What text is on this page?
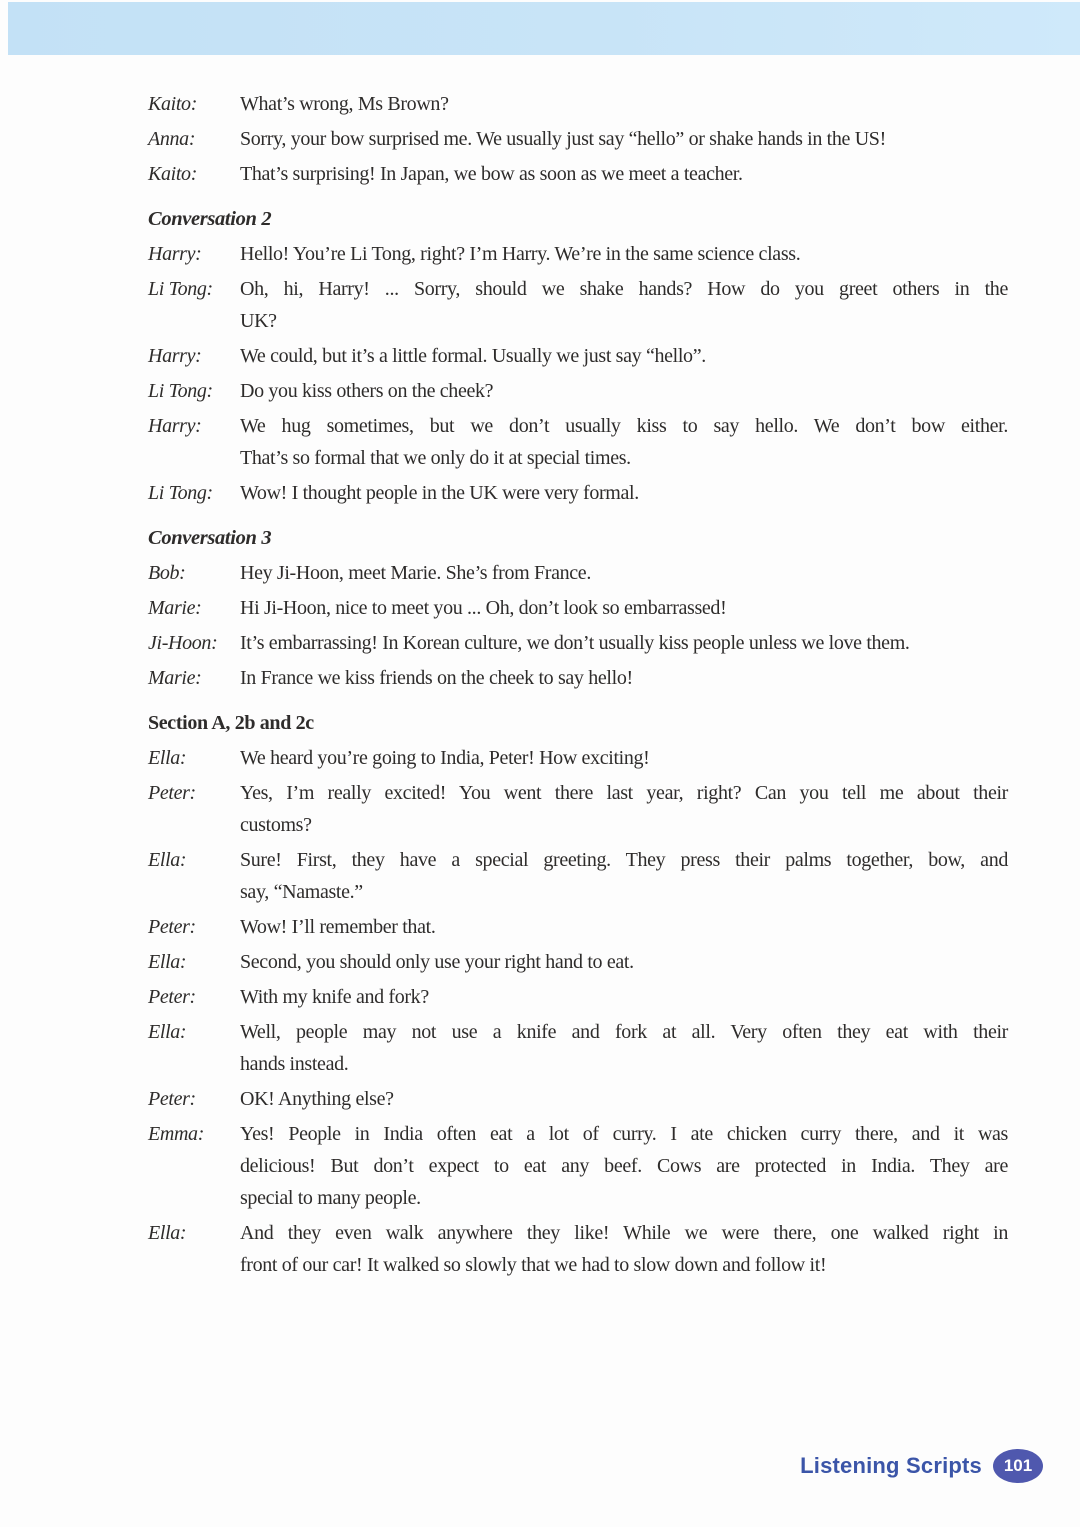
Kaito:	What’s wrong, Ms Brown?
Anna:	Sorry, your bow surprised me. We usually just say “hello” or shake hands in the US!
Kaito:	That’s surprising! In Japan, we bow as soon as we meet a teacher.
Conversation 2
Harry:	Hello! You’re Li Tong, right? I’m Harry. We’re in the same science class.
Li Tong:	Oh, hi, Harry! ... Sorry, should we shake hands? How do you greet others in the
UK?
Harry:	We could, but it’s a little formal. Usually we just say “hello”.
Li Tong:	Do you kiss others on the cheek?
Harry:	We hug sometimes, but we don’t usually kiss to say hello. We don’t bow either.
That’s so formal that we only do it at special times.
Li Tong:	Wow! I thought people in the UK were very formal.
Conversation 3
Bob:	Hey Ji-Hoon, meet Marie. She’s from France.
Marie:	Hi Ji-Hoon, nice to meet you ... Oh, don’t look so embarrassed!
Ji-Hoon:	It’s embarrassing! In Korean culture, we don’t usually kiss people unless we love them.
Marie:	In France we kiss friends on the cheek to say hello!
Section A, 2b and 2c
Ella:	We heard you’re going to India, Peter! How exciting!
Peter:	Yes, I’m really excited! You went there last year, right? Can you tell me about their
customs?
Ella:	Sure! First, they have a special greeting. They press their palms together, bow, and
say, “Namaste.”
Peter:	Wow! I’ll remember that.
Ella:	Second, you should only use your right hand to eat.
Peter:	With my knife and fork?
Ella:	Well, people may not use a knife and fork at all. Very often they eat with their
hands instead.
Peter:	OK! Anything else?
Emma:	Yes! People in India often eat a lot of curry. I ate chicken curry there, and it was
delicious! But don’t expect to eat any beef. Cows are protected in India. They are
special to many people.
Ella:	And they even walk anywhere they like! While we were there, one walked right in
front of our car! It walked so slowly that we had to slow down and follow it!
Listening Scripts 101
